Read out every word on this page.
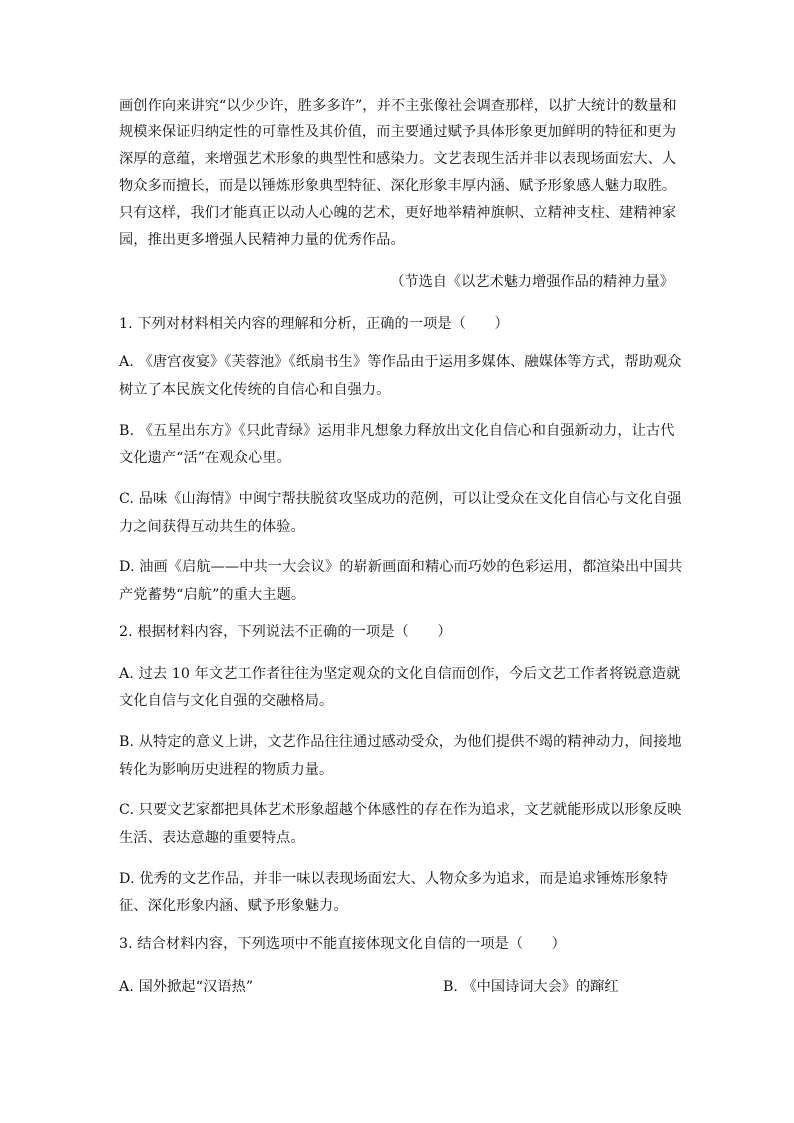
画创作向来讲究“以少少许，胜多多许”，并不主张像社会调查那样，以扩大统计的数量和
规模来保证归纳定性的可靠性及其价值，而主要通过赋予具体形象更加鲜明的特征和更为
深厚的意蕴，来增强艺术形象的典型性和感染力。文艺表现生活并非以表现场面宏大、人
物众多而擅长，而是以锤炼形象典型特征、深化形象丰厚内涵、赋予形象感人魅力取胜。
只有这样，我们才能真正以动人心魄的艺术，更好地举精神旗帜、立精神支柱、建精神家
园，推出更多增强人民精神力量的优秀作品。
（节选自《以艺术魅力增强作品的精神力量》
1. 下列对材料相关内容的理解和分析，正确的一项是（　　）
A. 《唐宫夜宴》《芙蓉池》《纸扇书生》等作品由于运用多媒体、融媒体等方式，帮助观众
树立了本民族文化传统的自信心和自强力。
B. 《五星出东方》《只此青绿》运用非凡想象力释放出文化自信心和自强新动力，让古代
文化遗产“活”在观众心里。
C. 品味《山海情》中闽宁帮扶脱贫攻坚成功的范例，可以让受众在文化自信心与文化自强
力之间获得互动共生的体验。
D. 油画《启航——中共一大会议》的崭新画面和精心而巧妙的色彩运用，都渲染出中国共
产党蓄势“启航”的重大主题。
2. 根据材料内容，下列说法不正确的一项是（　　）
A. 过去 10 年文艺工作者往往为坚定观众的文化自信而创作，今后文艺工作者将锐意造就
文化自信与文化自强的交融格局。
B. 从特定的意义上讲，文艺作品往往通过感动受众，为他们提供不竭的精神动力，间接地
转化为影响历史进程的物质力量。
C. 只要文艺家都把具体艺术形象超越个体感性的存在作为追求，文艺就能形成以形象反映
生活、表达意趣的重要特点。
D. 优秀的文艺作品，并非一味以表现场面宏大、人物众多为追求，而是追求锤炼形象特
征、深化形象内涵、赋予形象魅力。
3. 结合材料内容，下列选项中不能直接体现文化自信的一项是（　　）
A. 国外掀起“汉语热”	B. 《中国诗词大会》的蹿红
